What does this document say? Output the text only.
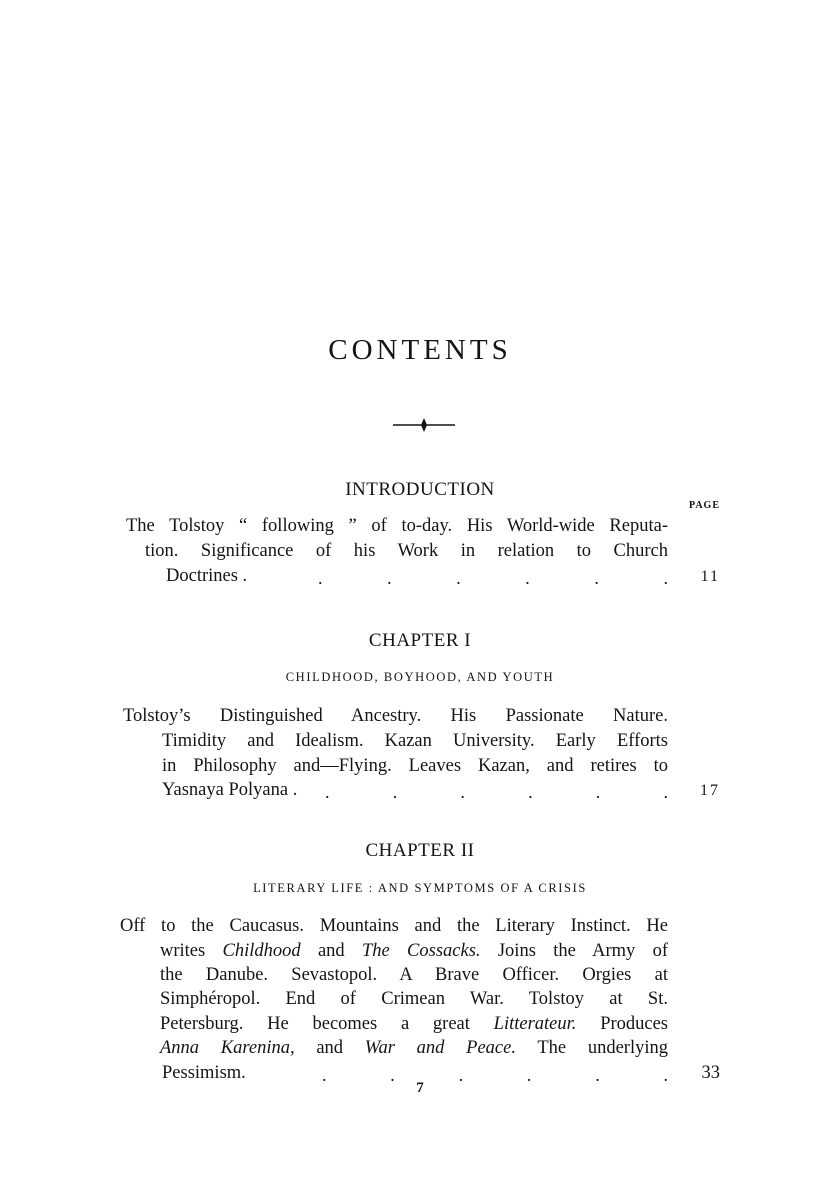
CONTENTS
INTRODUCTION
PAGE
The Tolstoy “ following ” of to-day. His World-wide Reputa-
tion. Significance of his Work in relation to Church
Doctrines .	.	.	.	.	.	.	11
CHAPTER I
CHILDHOOD, BOYHOOD, AND YOUTH
Tolstoy’s Distinguished Ancestry. His Passionate Nature.
Timidity and Idealism. Kazan University. Early Efforts
in Philosophy and—Flying. Leaves Kazan, and retires to
Yasnaya Polyana . .	.	.	.	.	.	17
CHAPTER II
LITERARY LIFE : AND SYMPTOMS OF A CRISIS
Off to the Caucasus. Mountains and the Literary Instinct. He
writes Childhood and The Cossacks. Joins the Army of
the Danube. Sevastopol. A Brave Officer. Orgies at
Simphéropol. End of Crimean War. Tolstoy at St.
Petersburg. He becomes a great Litterateur. Produces
Anna Karenina, and War and Peace. The underlying
Pessimism.	.	.	.	.	.	.	33
7
